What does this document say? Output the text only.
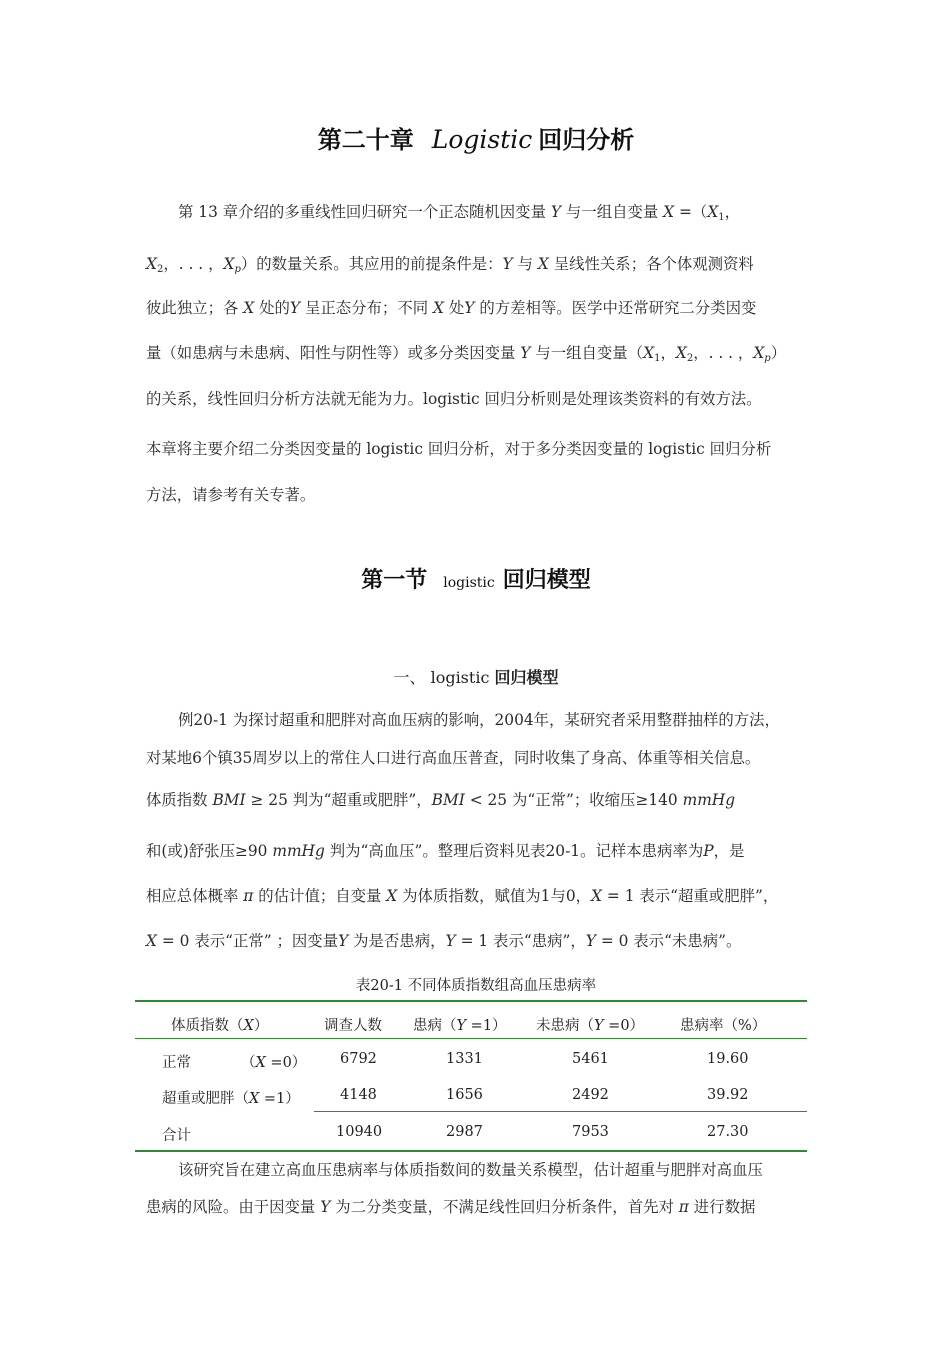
第二十章 Logistic 回归分析
第 13 章介绍的多重线性回归研究一个正态随机因变量 Y 与一组自变量 $X =(X_1$，
$X_2$，. . . ，$X_p$）的数量关系。其应用的前提条件是：Y 与 X 呈线性关系；各个体观测资料
彼此独立；各 X 处的Y 呈正态分布；不同 X 处Y 的方差相等。医学中还常研究二分类因变
量（如患病与未患病、阳性与阴性等）或多分类因变量 Y 与一组自变量（$X_1$，$X_2$，. . . ，$X_p$）
的关系，线性回归分析方法就无能为力。logistic 回归分析则是处理该类资料的有效方法。
本章将主要介绍二分类因变量的 logistic 回归分析，对于多分类因变量的 logistic 回归分析
方法，请参考有关专著。
第一节 logistic 回归模型
一、 logistic 回归模型
例20-1 为探讨超重和肥胖对高血压病的影响，2004年，某研究者采用整群抽样的方法，
对某地6个镇35周岁以上的常住人口进行高血压普查，同时收集了身高、体重等相关信息。
体质指数 BMI ≥ 25 判为“超重或肥胖”，BMI < 25 为“正常”；收缩压≥140 mmHg
和(或)舒张压≥90 mmHg 判为“高血压”。整理后资料见表20-1。记样本患病率为P，是
相应总体概率 π 的估计值；自变量 X 为体质指数，赋值为1与0，X = 1 表示“超重或肥胖”，
X = 0 表示“正常” ；因变量Y 为是否患病，Y = 1 表示“患病”，Y = 0 表示“未患病”。
表20-1 不同体质指数组高血压患病率
体质指数（X）	调查人数 患病（Y =1） 未患病（Y =0） 患病率（%）
正常	（X =0） 6792	1331	5461	19.60
超重或肥胖（X =1）	4148	1656	2492	39.92
合计	10940	2987	7953	27.30
该研究旨在建立高血压患病率与体质指数间的数量关系模型，估计超重与肥胖对高血压
患病的风险。由于因变量 Y 为二分类变量，不满足线性回归分析条件，首先对 π 进行数据
